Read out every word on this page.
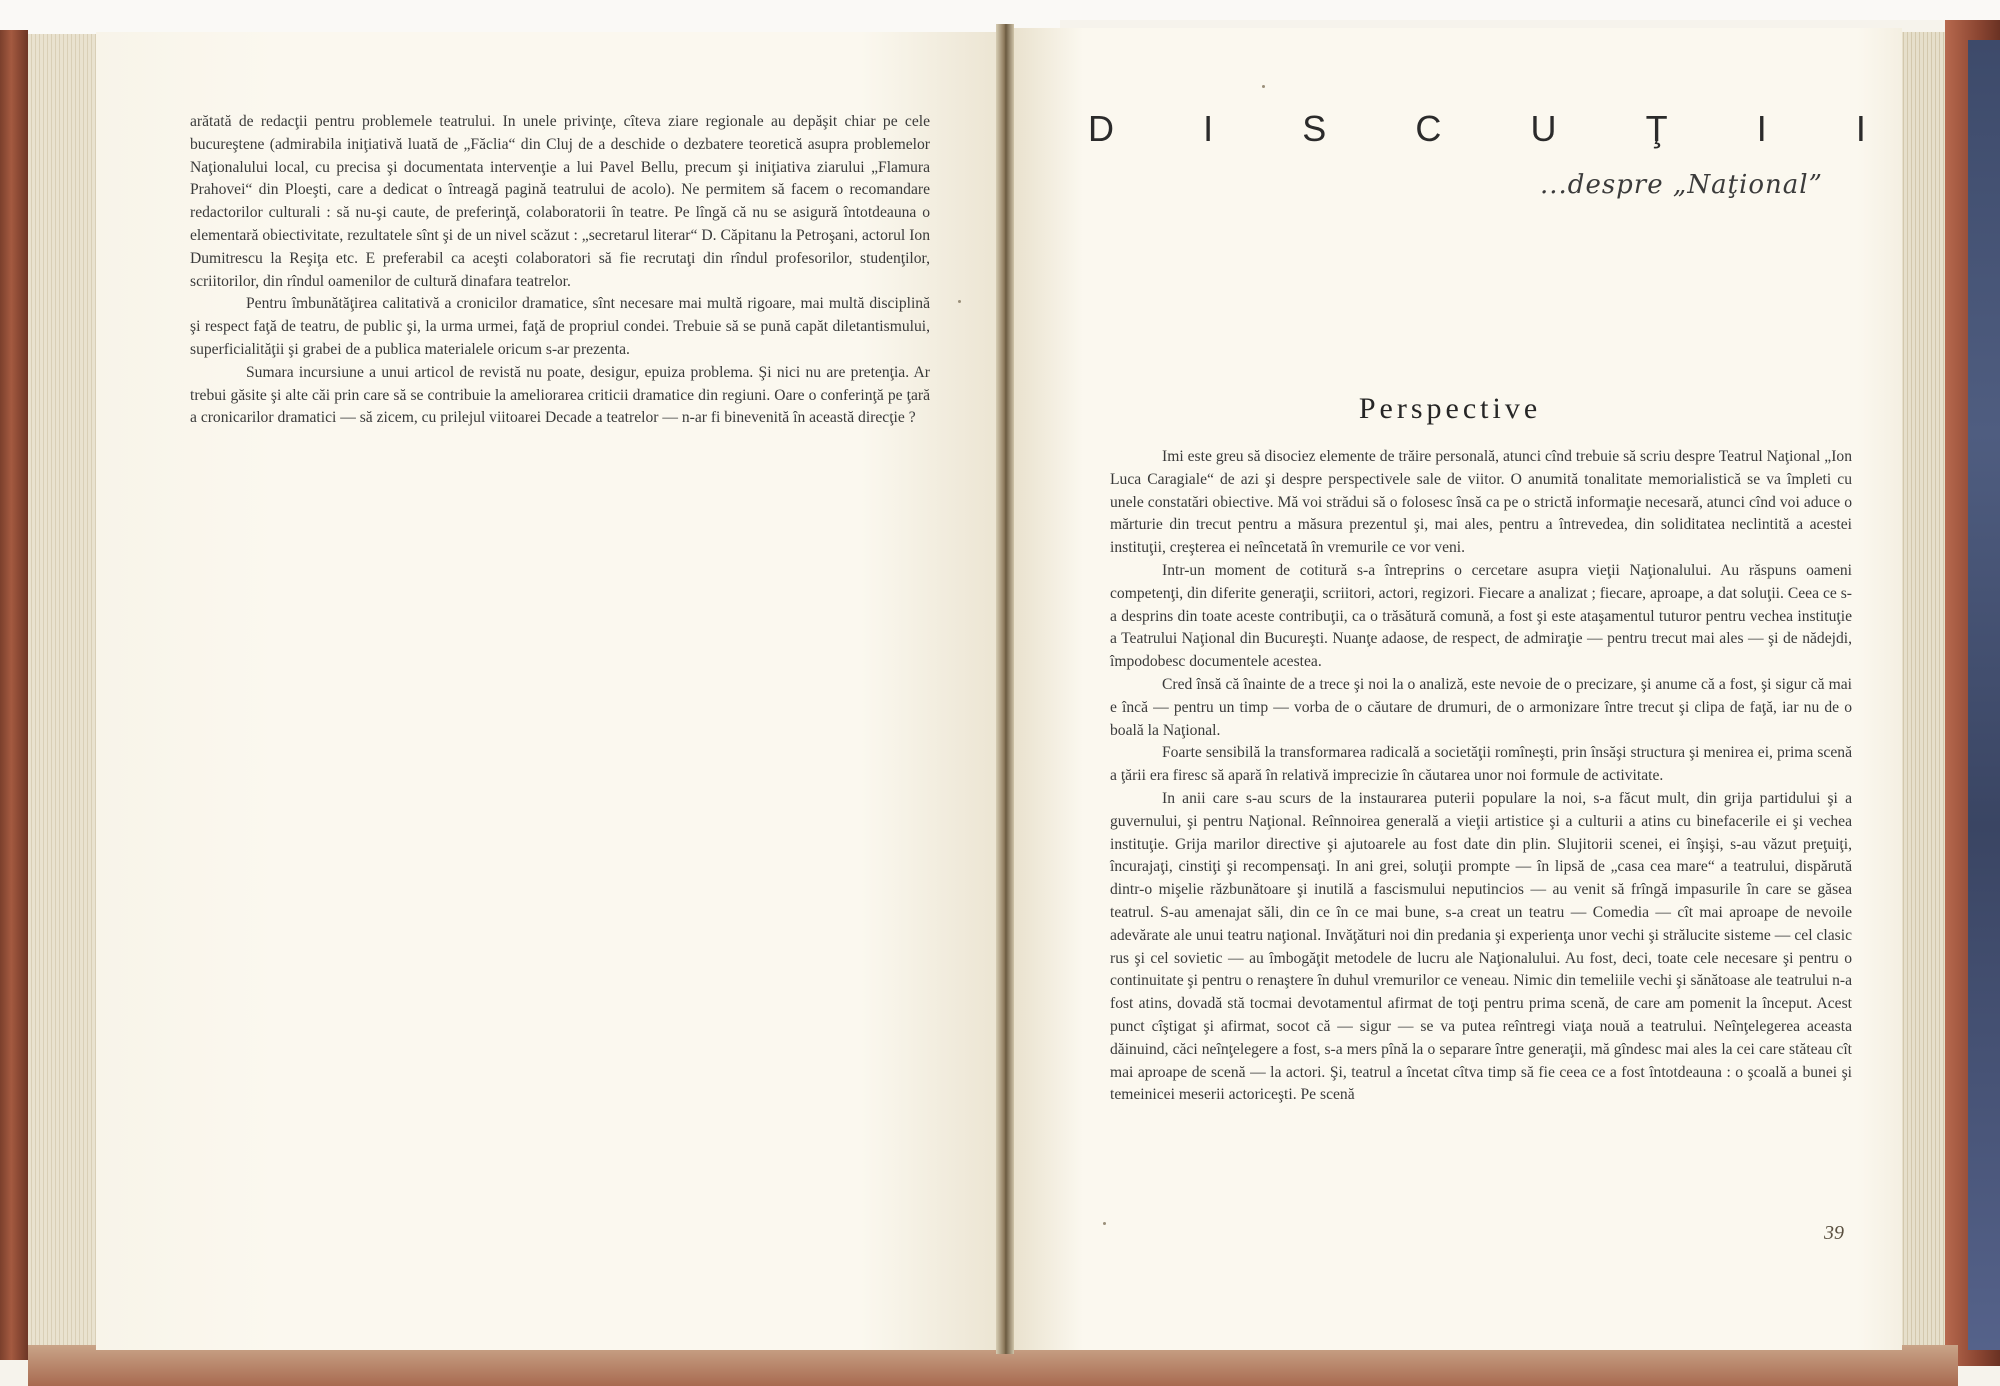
arătată de redacţii pentru problemele teatrului. In unele privinţe, cîteva ziare regionale au depăşit chiar pe cele bucureştene (admirabila iniţiativă luată de „Făclia“ din Cluj de a deschide o dezbatere teoretică asupra problemelor Naţionalului local, cu precisa şi documentata intervenţie a lui Pavel Bellu, precum şi iniţiativa ziarului „Flamura Prahovei“ din Ploeşti, care a dedicat o întreagă pagină teatrului de acolo). Ne permitem să facem o recomandare redactorilor culturali : să nu-şi caute, de preferinţă, colaboratorii în teatre. Pe lîngă că nu se asigură întotdeauna o elementară obiectivitate, rezultatele sînt şi de un nivel scăzut : „secretarul literar“ D. Căpitanu la Petroşani, actorul Ion Dumitrescu la Reşiţa etc. E preferabil ca aceşti colaboratori să fie recrutaţi din rîndul profesorilor, studenţilor, scriitorilor, din rîndul oamenilor de cultură dinafara teatrelor.

Pentru îmbunătăţirea calitativă a cronicilor dramatice, sînt necesare mai multă rigoare, mai multă disciplină şi respect faţă de teatru, de public şi, la urma urmei, faţă de propriul condei. Trebuie să se pună capăt diletantismului, superficialităţii şi grabei de a publica materialele oricum s-ar prezenta.

Sumara incursiune a unui articol de revistă nu poate, desigur, epuiza problema. Şi nici nu are pretenţia. Ar trebui găsite şi alte căi prin care să se contribuie la ameliorarea criticii dramatice din regiuni. Oare o conferinţă pe ţară a cronicarilor dramatici — să zicem, cu prilejul viitoarei Decade a teatrelor — n-ar fi binevenită în această direcţie ?

D I S C U Ţ I I
...despre „Naţional”
Perspective

Imi este greu să disociez elemente de trăire personală, atunci cînd trebuie să scriu despre Teatrul Naţional „Ion Luca Caragiale“ de azi şi despre perspectivele sale de viitor. O anumită tonalitate memorialistică se va împleti cu unele constatări obiective. Mă voi strădui să o folosesc însă ca pe o strictă informaţie necesară, atunci cînd voi aduce o mărturie din trecut pentru a măsura prezentul şi, mai ales, pentru a întrevedea, din soliditatea neclintită a acestei instituţii, creşterea ei neîncetată în vremurile ce vor veni.

Intr-un moment de cotitură s-a întreprins o cercetare asupra vieţii Naţionalului. Au răspuns oameni competenţi, din diferite generaţii, scriitori, actori, regizori. Fiecare a analizat ; fiecare, aproape, a dat soluţii. Ceea ce s-a desprins din toate aceste contribuţii, ca o trăsătură comună, a fost şi este ataşamentul tuturor pentru vechea instituţie a Teatrului Naţional din Bucureşti. Nuanţe adaose, de respect, de admiraţie — pentru trecut mai ales — şi de nădejdi, împodobesc documentele acestea.

Cred însă că înainte de a trece şi noi la o analiză, este nevoie de o precizare, şi anume că a fost, şi sigur că mai e încă — pentru un timp — vorba de o căutare de drumuri, de o armonizare între trecut şi clipa de faţă, iar nu de o boală la Naţional.

Foarte sensibilă la transformarea radicală a societăţii romîneşti, prin însăşi structura şi menirea ei, prima scenă a ţării era firesc să apară în relativă imprecizie în căutarea unor noi formule de activitate.

In anii care s-au scurs de la instaurarea puterii populare la noi, s-a făcut mult, din grija partidului şi a guvernului, şi pentru Naţional. Reînnoirea generală a vieţii artistice şi a culturii a atins cu binefacerile ei şi vechea instituţie. Grija marilor directive şi ajutoarele au fost date din plin. Slujitorii scenei, ei înşişi, s-au văzut preţuiţi, încurajaţi, cinstiţi şi recompensaţi. In ani grei, soluţii prompte — în lipsă de „casa cea mare“ a teatrului, dispărută dintr-o mişelie răzbunătoare şi inutilă a fascismului neputincios — au venit să frîngă impasurile în care se găsea teatrul. S-au amenajat săli, din ce în ce mai bune, s-a creat un teatru — Comedia — cît mai aproape de nevoile adevărate ale unui teatru naţional. Invăţături noi din predania şi experienţa unor vechi şi strălucite sisteme — cel clasic rus şi cel sovietic — au îmbogăţit metodele de lucru ale Naţionalului. Au fost, deci, toate cele necesare şi pentru o continuitate şi pentru o renaştere în duhul vremurilor ce veneau. Nimic din temeliile vechi şi sănătoase ale teatrului n-a fost atins, dovadă stă tocmai devotamentul afirmat de toţi pentru prima scenă, de care am pomenit la început. Acest punct cîştigat şi afirmat, socot că — sigur — se va putea reîntregi viaţa nouă a teatrului. Neînţelegerea aceasta dăinuind, căci neînţelegere a fost, s-a mers pînă la o separare între generaţii, mă gîndesc mai ales la cei care stăteau cît mai aproape de scenă — la actori. Şi, teatrul a încetat cîtva timp să fie ceea ce a fost întotdeauna : o şcoală a bunei şi temeinicei meserii actoriceşti. Pe scenă

39
